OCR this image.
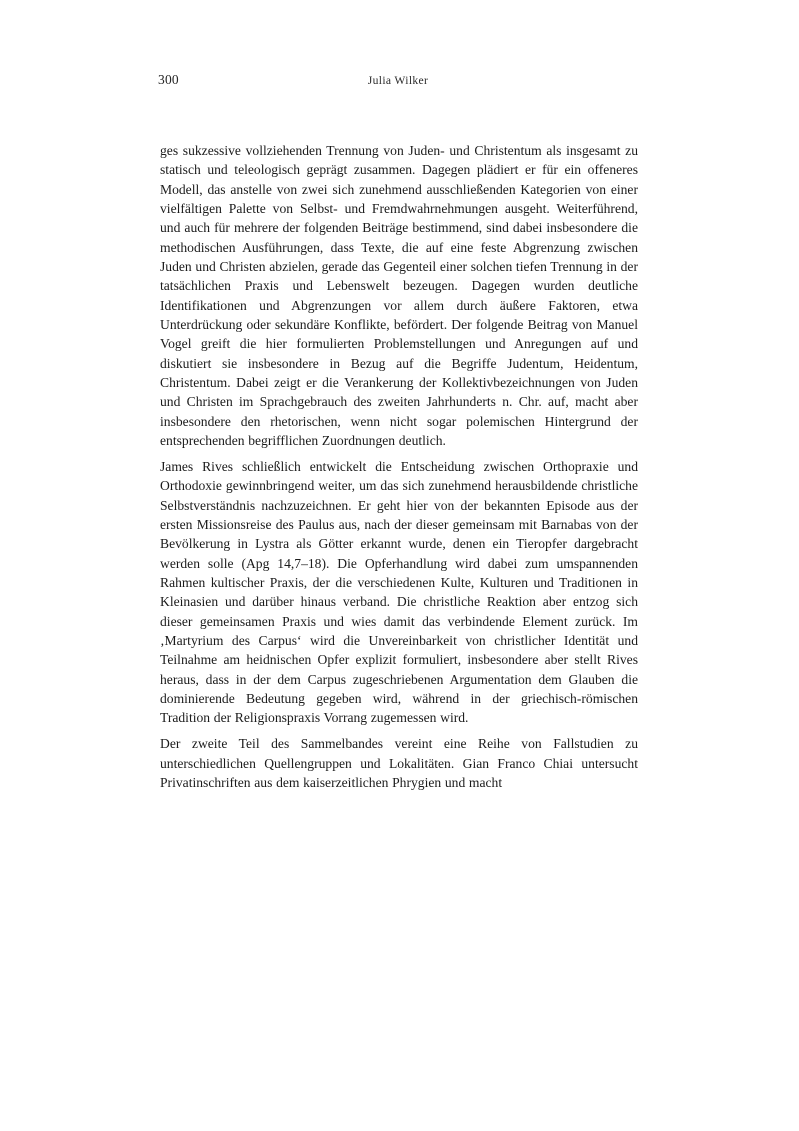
300	Julia Wilker

ges sukzessive vollziehenden Trennung von Juden- und Christentum als insgesamt zu statisch und teleologisch geprägt zusammen. Dagegen plädiert er für ein offeneres Modell, das anstelle von zwei sich zunehmend ausschließenden Kategorien von einer vielfältigen Palette von Selbst- und Fremdwahrnehmungen ausgeht. Weiterführend, und auch für mehrere der folgenden Beiträge bestimmend, sind dabei insbesondere die methodischen Ausführungen, dass Texte, die auf eine feste Abgrenzung zwischen Juden und Christen abzielen, gerade das Gegenteil einer solchen tiefen Trennung in der tatsächlichen Praxis und Lebenswelt bezeugen. Dagegen wurden deutliche Identifikationen und Abgrenzungen vor allem durch äußere Faktoren, etwa Unterdrückung oder sekundäre Konflikte, befördert. Der folgende Beitrag von Manuel Vogel greift die hier formulierten Problemstellungen und Anregungen auf und diskutiert sie insbesondere in Bezug auf die Begriffe Judentum, Heidentum, Christentum. Dabei zeigt er die Verankerung der Kollektivbezeichnungen von Juden und Christen im Sprachgebrauch des zweiten Jahrhunderts n. Chr. auf, macht aber insbesondere den rhetorischen, wenn nicht sogar polemischen Hintergrund der entsprechenden begrifflichen Zuordnungen deutlich.

James Rives schließlich entwickelt die Entscheidung zwischen Orthopraxie und Orthodoxie gewinnbringend weiter, um das sich zunehmend herausbildende christliche Selbstverständnis nachzuzeichnen. Er geht hier von der bekannten Episode aus der ersten Missionsreise des Paulus aus, nach der dieser gemeinsam mit Barnabas von der Bevölkerung in Lystra als Götter erkannt wurde, denen ein Tieropfer dargebracht werden solle (Apg 14,7–18). Die Opferhandlung wird dabei zum umspannenden Rahmen kultischer Praxis, der die verschiedenen Kulte, Kulturen und Traditionen in Kleinasien und darüber hinaus verband. Die christliche Reaktion aber entzog sich dieser gemeinsamen Praxis und wies damit das verbindende Element zurück. Im ‚Martyrium des Carpus‘ wird die Unvereinbarkeit von christlicher Identität und Teilnahme am heidnischen Opfer explizit formuliert, insbesondere aber stellt Rives heraus, dass in der dem Carpus zugeschriebenen Argumentation dem Glauben die dominierende Bedeutung gegeben wird, während in der griechisch-römischen Tradition der Religionspraxis Vorrang zugemessen wird.

Der zweite Teil des Sammelbandes vereint eine Reihe von Fallstudien zu unterschiedlichen Quellengruppen und Lokalitäten. Gian Franco Chiai untersucht Privatinschriften aus dem kaiserzeitlichen Phrygien und macht
